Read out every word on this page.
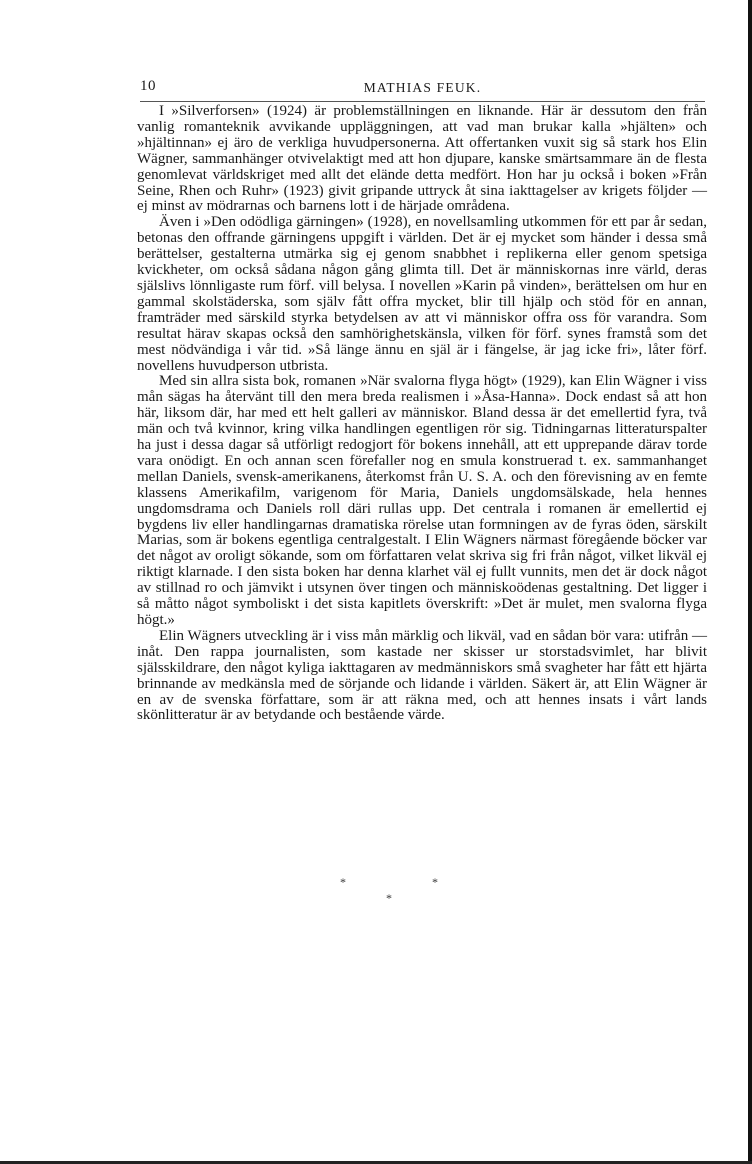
10	MATHIAS FEUK.

I »Silverforsen» (1924) är problemställningen en liknande. Här är dessutom den från vanlig romanteknik avvikande uppläggningen, att vad man brukar kalla »hjälten» och »hjältinnan» ej äro de verkliga huvudpersonerna. Att offertanken vuxit sig så stark hos Elin Wägner, sammanhänger otvivelaktigt med att hon djupare, kanske smärtsammare än de flesta genomlevat världskriget med allt det elände detta medfört. Hon har ju också i boken »Från Seine, Rhen och Ruhr» (1923) givit gripande uttryck åt sina iakttagelser av krigets följder — ej minst av mödrarnas och barnens lott i de härjade områdena.

Även i »Den odödliga gärningen» (1928), en novellsamling utkommen för ett par år sedan, betonas den offrande gärningens uppgift i världen. Det är ej mycket som händer i dessa små berättelser, gestalterna utmärka sig ej genom snabbhet i replikerna eller genom spetsiga kvickheter, om också sådana någon gång glimta till. Det är människornas inre värld, deras själslivs lönnligaste rum förf. vill belysa. I novellen »Karin på vinden», berättelsen om hur en gammal skolstäderska, som själv fått offra mycket, blir till hjälp och stöd för en annan, framträder med särskild styrka betydelsen av att vi människor offra oss för varandra. Som resultat härav skapas också den samhörighetskänsla, vilken för förf. synes framstå som det mest nödvändiga i vår tid. »Så länge ännu en själ är i fängelse, är jag icke fri», låter förf. novellens huvudperson utbrista.

Med sin allra sista bok, romanen »När svalorna flyga högt» (1929), kan Elin Wägner i viss mån sägas ha återvänt till den mera breda realismen i »Åsa-Hanna». Dock endast så att hon här, liksom där, har med ett helt galleri av människor. Bland dessa är det emellertid fyra, två män och två kvinnor, kring vilka handlingen egentligen rör sig. Tidningarnas litteraturspalter ha just i dessa dagar så utförligt redogjort för bokens innehåll, att ett upprepande därav torde vara onödigt. En och annan scen förefaller nog en smula konstruerad t. ex. sammanhanget mellan Daniels, svensk-amerikanens, återkomst från U. S. A. och den förevisning av en femte klassens Amerikafilm, varigenom för Maria, Daniels ungdomsälskade, hela hennes ungdomsdrama och Daniels roll däri rullas upp. Det centrala i romanen är emellertid ej bygdens liv eller handlingarnas dramatiska rörelse utan formningen av de fyras öden, särskilt Marias, som är bokens egentliga centralgestalt. I Elin Wägners närmast föregående böcker var det något av oroligt sökande, som om författaren velat skriva sig fri från något, vilket likväl ej riktigt klarnade. I den sista boken har denna klarhet väl ej fullt vunnits, men det är dock något av stillnad ro och jämvikt i utsynen över tingen och människoödenas gestaltning. Det ligger i så måtto något symboliskt i det sista kapitlets överskrift: »Det är mulet, men svalorna flyga högt.»

Elin Wägners utveckling är i viss mån märklig och likväl, vad en sådan bör vara: utifrån — inåt. Den rappa journalisten, som kastade ner skisser ur storstadsvimlet, har blivit själsskildrare, den något kyliga iakttagaren av medmänniskors små svagheter har fått ett hjärta brinnande av medkänsla med de sörjande och lidande i världen. Säkert är, att Elin Wägner är en av de svenska författare, som är att räkna med, och att hennes insats i vårt lands skönlitteratur är av betydande och bestående värde.

*	*
*
